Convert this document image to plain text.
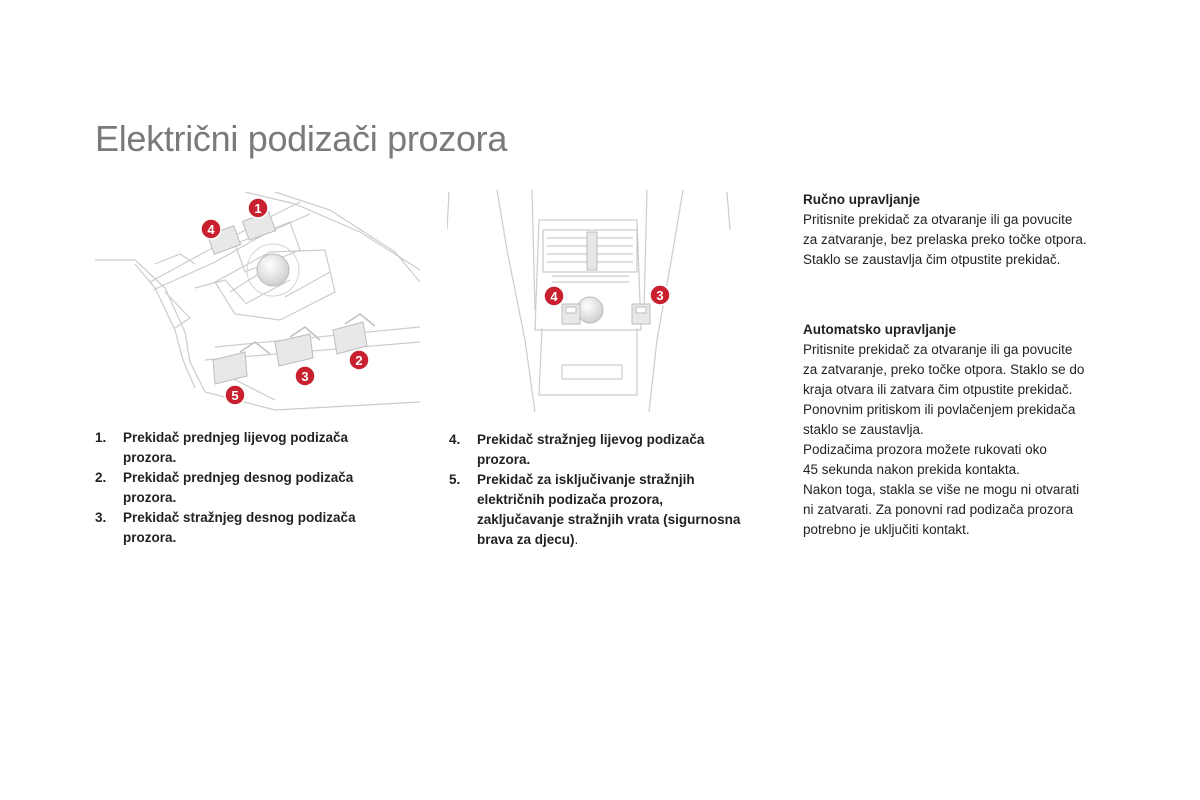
Električni podizači prozora
1
4
2
3
5
4	3
1.	Prekidač prednjeg lijevog podizača prozora.
2.	Prekidač prednjeg desnog podizača prozora.
3.	Prekidač stražnjeg desnog podizača prozora.
4.	Prekidač stražnjeg lijevog podizača prozora.
5.	Prekidač za isključivanje stražnjih električnih podizača prozora, zaključavanje stražnjih vrata (sigurnosna brava za djecu).
Ručno upravljanje

Pritisnite prekidač za otvaranje ili ga povucite

za zatvaranje, bez prelaska preko točke otpora.

Staklo se zaustavlja čim otpustite prekidač.

Automatsko upravljanje

Pritisnite prekidač za otvaranje ili ga povucite

za zatvaranje, preko točke otpora. Staklo se do

kraja otvara ili zatvara čim otpustite prekidač.

Ponovnim pritiskom ili povlačenjem prekidača

staklo se zaustavlja.

Podizačima prozora možete rukovati oko

45 sekunda nakon prekida kontakta.

Nakon toga, stakla se više ne mogu ni otvarati

ni zatvarati. Za ponovni rad podizača prozora

potrebno je uključiti kontakt.
